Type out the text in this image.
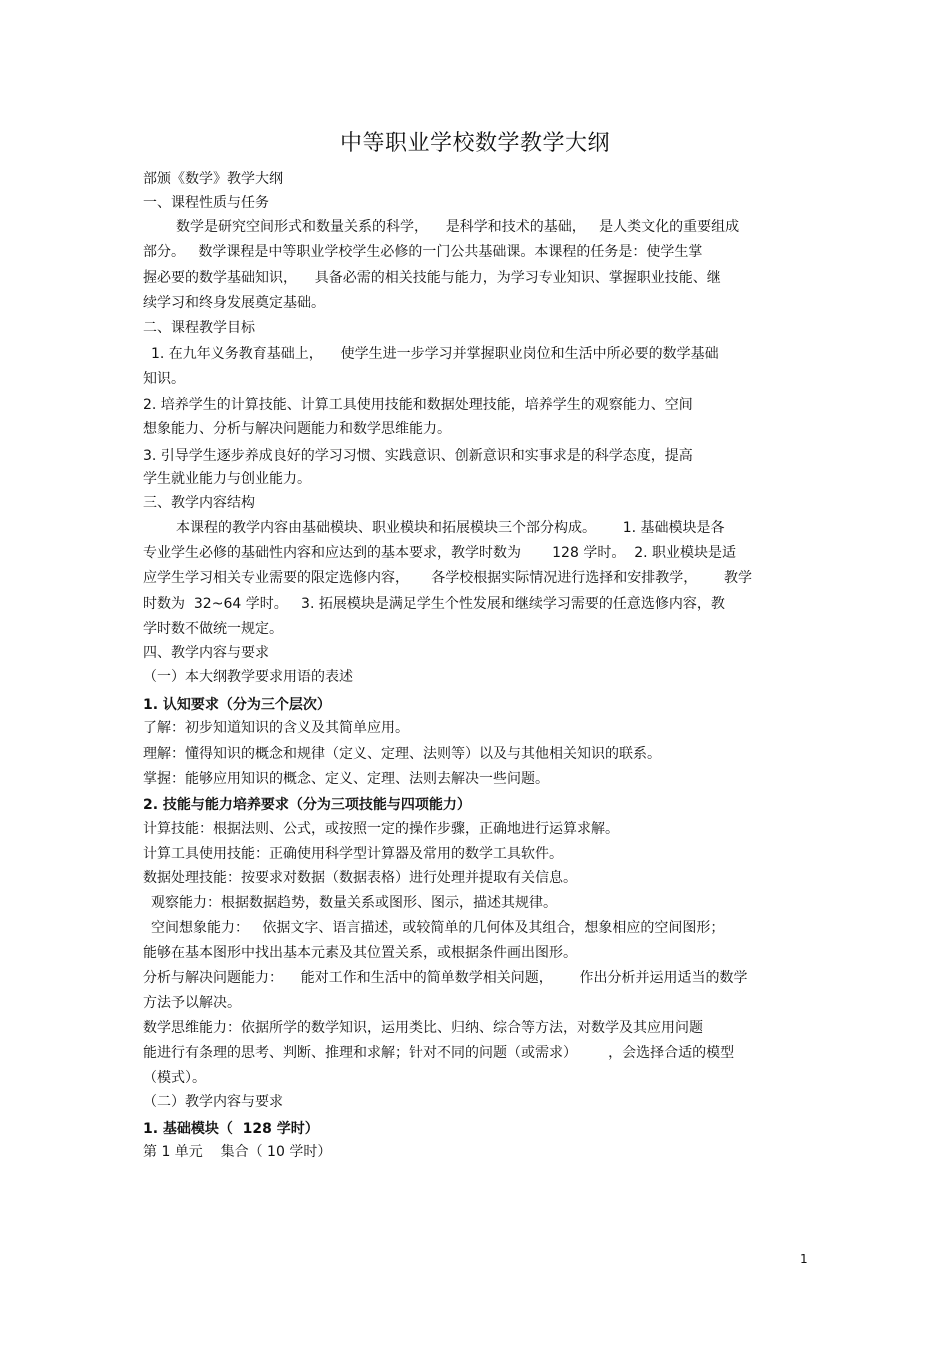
中等职业学校数学教学大纲
部颁《数学》教学大纲
一、课程性质与任务
数学是研究空间形式和数量关系的科学，    是科学和技术的基础，   是人类文化的重要组成
部分。   数学课程是中等职业学校学生必修的一门公共基础课。本课程的任务是：使学生掌
握必要的数学基础知识，    具备必需的相关技能与能力，为学习专业知识、掌握职业技能、继
续学习和终身发展奠定基础。
二、课程教学目标
1. 在九年义务教育基础上，    使学生进一步学习并掌握职业岗位和生活中所必要的数学基础
知识。
2. 培养学生的计算技能、计算工具使用技能和数据处理技能，培养学生的观察能力、空间
想象能力、分析与解决问题能力和数学思维能力。
3. 引导学生逐步养成良好的学习习惯、实践意识、创新意识和实事求是的科学态度，提高
学生就业能力与创业能力。
三、教学内容结构
本课程的教学内容由基础模块、职业模块和拓展模块三个部分构成。      1. 基础模块是各
专业学生必修的基础性内容和应达到的基本要求，教学时数为       128 学时。  2. 职业模块是适
应学生学习相关专业需要的限定选修内容，     各学校根据实际情况进行选择和安排教学，      教学
时数为  32~64 学时。   3. 拓展模块是满足学生个性发展和继续学习需要的任意选修内容，教
学时数不做统一规定。
四、教学内容与要求
（一）本大纲教学要求用语的表述
1. 认知要求（分为三个层次）
了解：初步知道知识的含义及其简单应用。
理解：懂得知识的概念和规律（定义、定理、法则等）以及与其他相关知识的联系。
掌握：能够应用知识的概念、定义、定理、法则去解决一些问题。
2. 技能与能力培养要求（分为三项技能与四项能力）
计算技能：根据法则、公式，或按照一定的操作步骤，正确地进行运算求解。
计算工具使用技能：正确使用科学型计算器及常用的数学工具软件。
数据处理技能：按要求对数据（数据表格）进行处理并提取有关信息。
观察能力：根据数据趋势，数量关系或图形、图示，描述其规律。
空间想象能力：   依据文字、语言描述，或较简单的几何体及其组合，想象相应的空间图形；
能够在基本图形中找出基本元素及其位置关系，或根据条件画出图形。
分析与解决问题能力：    能对工作和生活中的简单数学相关问题，      作出分析并运用适当的数学
方法予以解决。
数学思维能力：依据所学的数学知识，运用类比、归纳、综合等方法，对数学及其应用问题
能进行有条理的思考、判断、推理和求解；针对不同的问题（或需求）       ，会选择合适的模型
（模式）。
（二）教学内容与要求
1. 基础模块（  128 学时）
第 1 单元    集合（ 10 学时）
1
